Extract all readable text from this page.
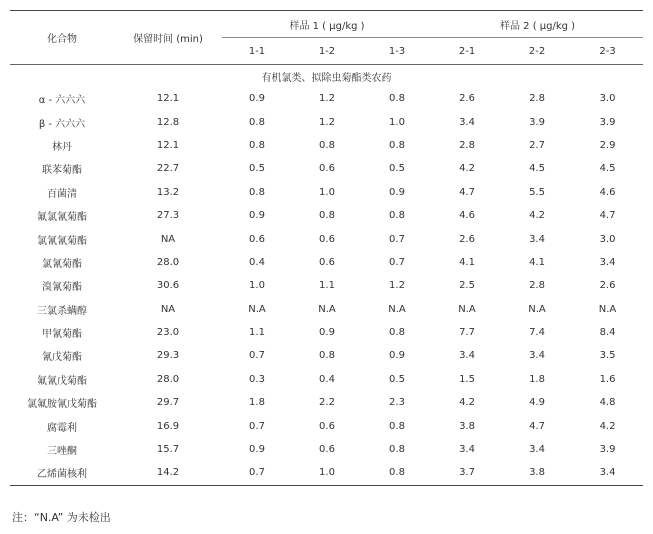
化合物	保留时间 (min)	样品 1 ( μg/kg )			样品 2 ( μg/kg )		
		1-1	1-2	1-3	2-1	2-2	2-3
有机氯类、拟除虫菊酯类农药							
α - 六六六	12.1	0.9	1.2	0.8	2.6	2.8	3.0
β - 六六六	12.8	0.8	1.2	1.0	3.4	3.9	3.9
林丹	12.1	0.8	0.8	0.8	2.8	2.7	2.9
联苯菊酯	22.7	0.5	0.6	0.5	4.2	4.5	4.5
百菌清	13.2	0.8	1.0	0.9	4.7	5.5	4.6
氟氯氰菊酯	27.3	0.9	0.8	0.8	4.6	4.2	4.7
氯氰氰菊酯	NA	0.6	0.6	0.7	2.6	3.4	3.0
氯氰菊酯	28.0	0.4	0.6	0.7	4.1	4.1	3.4
溴氰菊酯	30.6	1.0	1.1	1.2	2.5	2.8	2.6
三氯杀螨醇	NA	N.A	N.A	N.A	N.A	N.A	N.A
甲氰菊酯	23.0	1.1	0.9	0.8	7.7	7.4	8.4
氰戊菊酯	29.3	0.7	0.8	0.9	3.4	3.4	3.5
氟氰戊菊酯	28.0	0.3	0.4	0.5	1.5	1.8	1.6
氯氟胺氰戊菊酯	29.7	1.8	2.2	2.3	4.2	4.9	4.8
腐霉利	16.9	0.7	0.6	0.8	3.8	4.7	4.2
三唑酮	15.7	0.9	0.6	0.8	3.4	3.4	3.9
乙烯菌核利	14.2	0.7	1.0	0.8	3.7	3.8	3.4
注：“N.A” 为未检出
